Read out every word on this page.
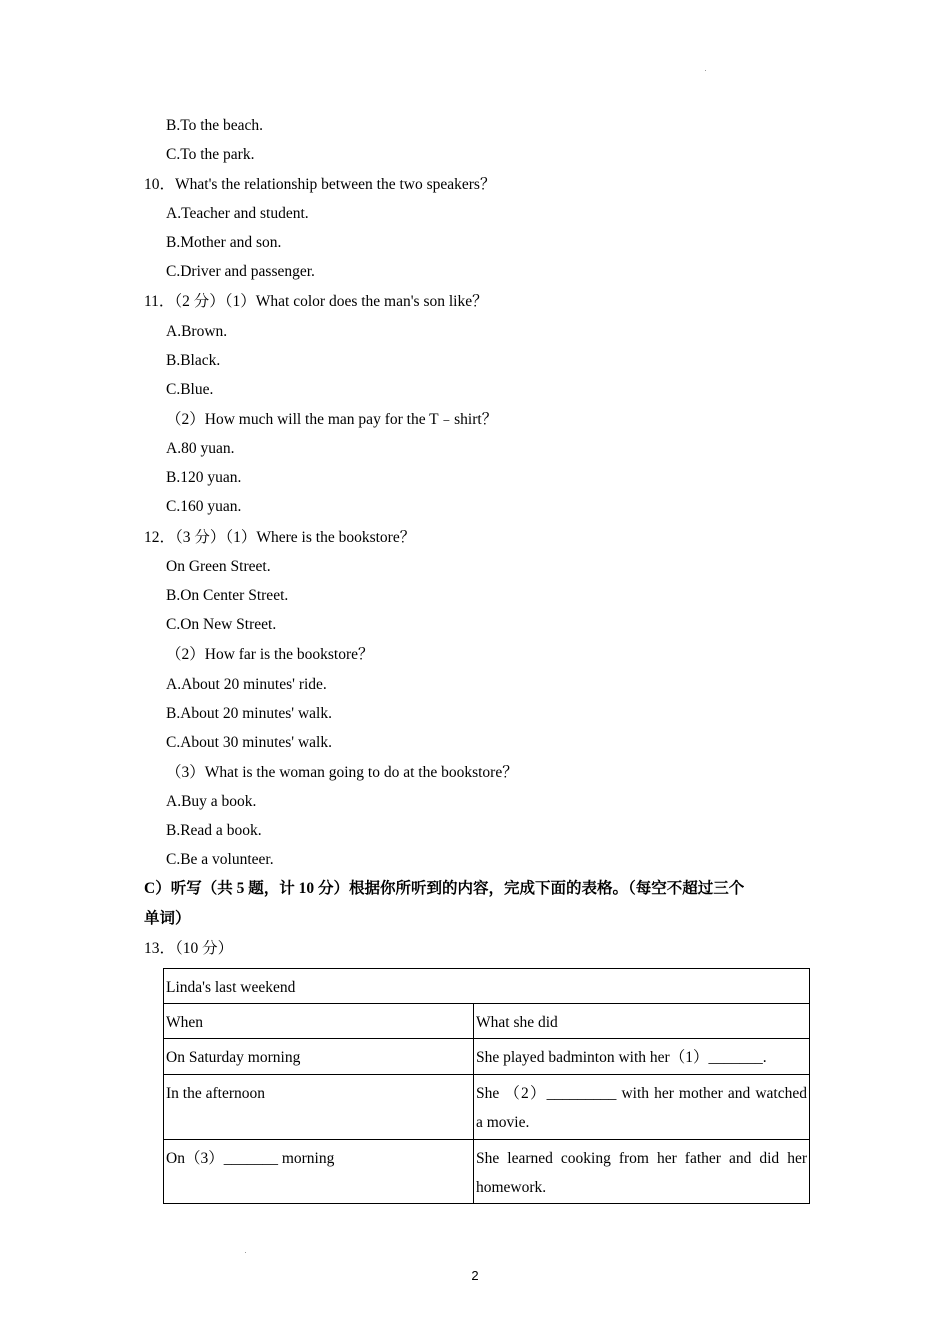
B.To the beach.
C.To the park.
10．What's the relationship between the two speakers？
A.Teacher and student.
B.Mother and son.
C.Driver and passenger.
11．（2 分）（1）What color does the man's son like？
A.Brown.
B.Black.
C.Blue.
（2）How much will the man pay for the T﹣shirt？
A.80 yuan.
B.120 yuan.
C.160 yuan.
12．（3 分）（1）Where is the bookstore？
On Green Street.
B.On Center Street.
C.On New Street.
（2）How far is the bookstore？
A.About 20 minutes' ride.
B.About 20 minutes' walk.
C.About 30 minutes' walk.
（3）What is the woman going to do at the bookstore？
A.Buy a book.
B.Read a book.
C.Be a volunteer.
C）听写（共 5 题，计 10 分）根据你所听到的内容，完成下面的表格。（每空不超过三个
单词）
13．（10 分）
Linda's last weekend	
When	What she did
On Saturday morning	She played badminton with her（1）_______.
In the afternoon	She （2）_________ with her mother and watched a movie.
On（3）_______ morning	She learned cooking from her father and did her homework.
2
